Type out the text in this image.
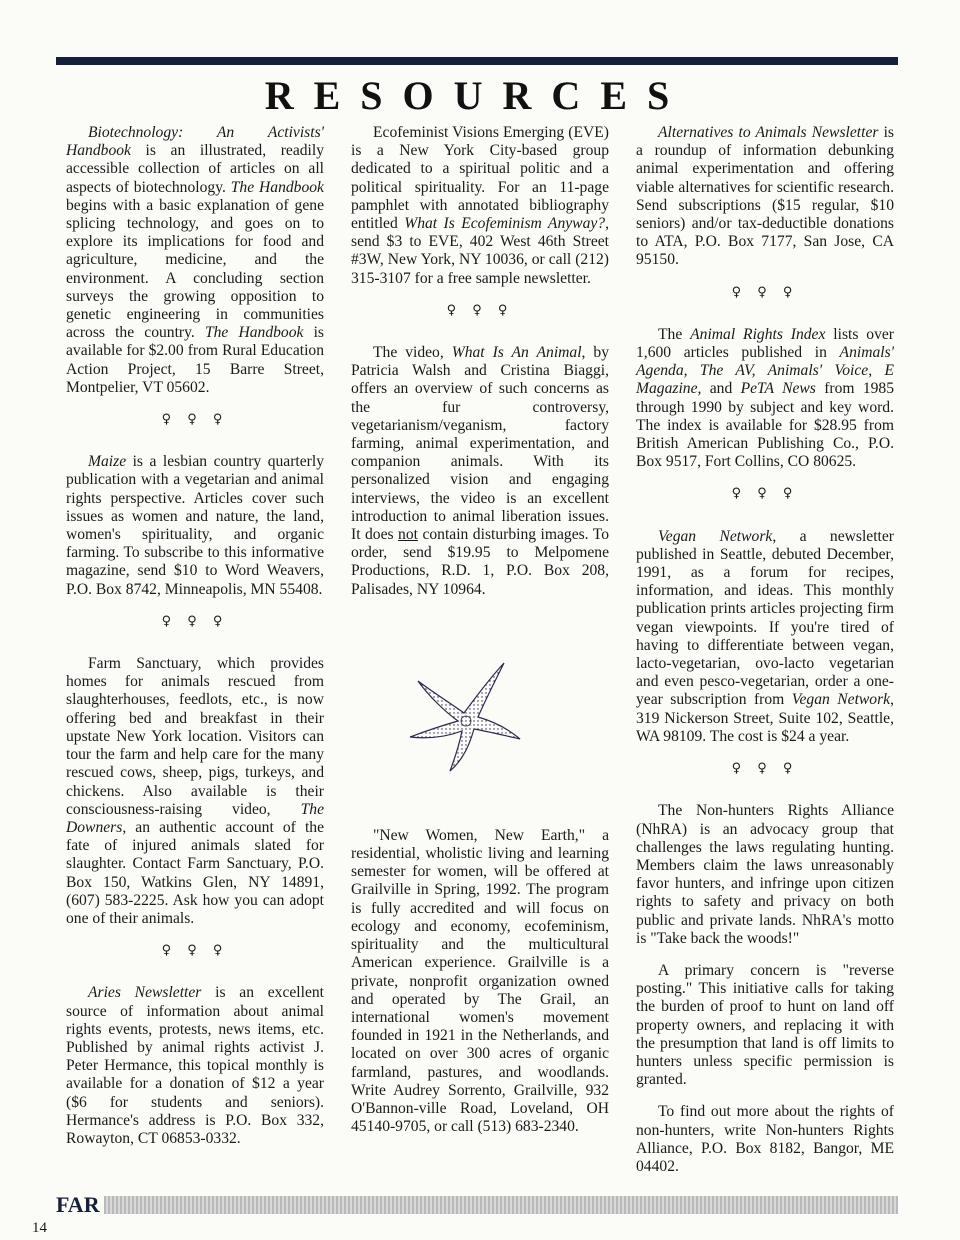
RESOURCES

Biotechnology: An Activists' Handbook is an illustrated, readily accessible collection of articles on all aspects of biotechnology. The Handbook begins with a basic explanation of gene splicing technology, and goes on to explore its implications for food and agriculture, medicine, and the environment. A concluding section surveys the growing opposition to genetic engineering in communities across the country. The Handbook is available for $2.00 from Rural Education Action Project, 15 Barre Street, Montpelier, VT 05602.

♀ ♀ ♀

Maize is a lesbian country quarterly publication with a vegetarian and animal rights perspective. Articles cover such issues as women and nature, the land, women's spirituality, and organic farming. To subscribe to this informative magazine, send $10 to Word Weavers, P.O. Box 8742, Minneapolis, MN 55408.

♀ ♀ ♀

Farm Sanctuary, which provides homes for animals rescued from slaughterhouses, feedlots, etc., is now offering bed and breakfast in their upstate New York location. Visitors can tour the farm and help care for the many rescued cows, sheep, pigs, turkeys, and chickens. Also available is their consciousness-raising video, The Downers, an authentic account of the fate of injured animals slated for slaughter. Contact Farm Sanctuary, P.O. Box 150, Watkins Glen, NY 14891, (607) 583-2225. Ask how you can adopt one of their animals.

♀ ♀ ♀

Aries Newsletter is an excellent source of information about animal rights events, protests, news items, etc. Published by animal rights activist J. Peter Hermance, this topical monthly is available for a donation of $12 a year ($6 for students and seniors). Hermance's address is P.O. Box 332, Rowayton, CT 06853-0332.

Ecofeminist Visions Emerging (EVE) is a New York City-based group dedicated to a spiritual politic and a political spirituality. For an 11-page pamphlet with annotated bibliography entitled What Is Ecofeminism Anyway?, send $3 to EVE, 402 West 46th Street #3W, New York, NY 10036, or call (212) 315-3107 for a free sample newsletter.

♀ ♀ ♀

The video, What Is An Animal, by Patricia Walsh and Cristina Biaggi, offers an overview of such concerns as the fur controversy, vegetarianism/veganism, factory farming, animal experimentation, and companion animals. With its personalized vision and engaging interviews, the video is an excellent introduction to animal liberation issues. It does not contain disturbing images. To order, send $19.95 to Melpomene Productions, R.D. 1, P.O. Box 208, Palisades, NY 10964.

"New Women, New Earth," a residential, wholistic living and learning semester for women, will be offered at Grailville in Spring, 1992. The program is fully accredited and will focus on ecology and economy, ecofeminism, spirituality and the multicultural American experience. Grailville is a private, nonprofit organization owned and operated by The Grail, an international women's movement founded in 1921 in the Netherlands, and located on over 300 acres of organic farmland, pastures, and woodlands. Write Audrey Sorrento, Grailville, 932 O'Bannon-ville Road, Loveland, OH 45140-9705, or call (513) 683-2340.

Alternatives to Animals Newsletter is a roundup of information debunking animal experimentation and offering viable alternatives for scientific research. Send subscriptions ($15 regular, $10 seniors) and/or tax-deductible donations to ATA, P.O. Box 7177, San Jose, CA 95150.

♀ ♀ ♀

The Animal Rights Index lists over 1,600 articles published in Animals' Agenda, The AV, Animals' Voice, E Magazine, and PeTA News from 1985 through 1990 by subject and key word. The index is available for $28.95 from British American Publishing Co., P.O. Box 9517, Fort Collins, CO 80625.

♀ ♀ ♀

Vegan Network, a newsletter published in Seattle, debuted December, 1991, as a forum for recipes, information, and ideas. This monthly publication prints articles projecting firm vegan viewpoints. If you're tired of having to differentiate between vegan, lacto-vegetarian, ovo-lacto vegetarian and even pesco-vegetarian, order a one-year subscription from Vegan Network, 319 Nickerson Street, Suite 102, Seattle, WA 98109. The cost is $24 a year.

♀ ♀ ♀

The Non-hunters Rights Alliance (NhRA) is an advocacy group that challenges the laws regulating hunting. Members claim the laws unreasonably favor hunters, and infringe upon citizen rights to safety and privacy on both public and private lands. NhRA's motto is "Take back the woods!"

A primary concern is "reverse posting." This initiative calls for taking the burden of proof to hunt on land off property owners, and replacing it with the presumption that land is off limits to hunters unless specific permission is granted.

To find out more about the rights of non-hunters, write Non-hunters Rights Alliance, P.O. Box 8182, Bangor, ME 04402.

FAR
14
